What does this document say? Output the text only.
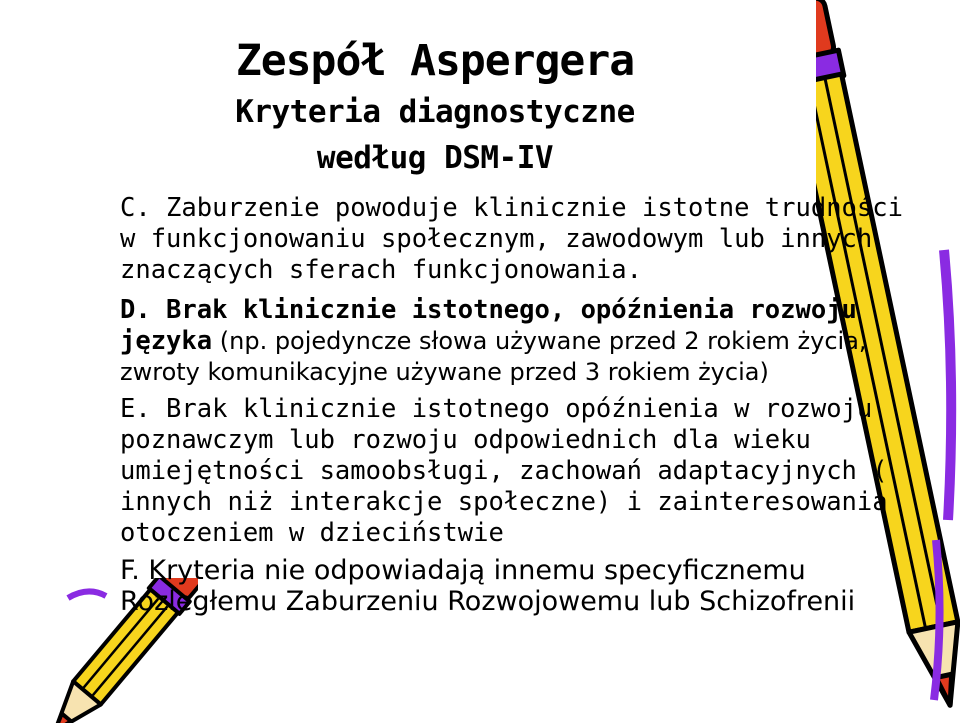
Zespół Aspergera
Kryteria diagnostyczne
według DSM-IV

C. Zaburzenie powoduje klinicznie istotne trudności w funkcjonowaniu społecznym, zawodowym lub innych znaczących sferach funkcjonowania.

D. Brak klinicznie istotnego, opóźnienia rozwoju języka (np. pojedyncze słowa używane przed 2 rokiem życia, zwroty komunikacyjne używane przed 3 rokiem życia)

E. Brak klinicznie istotnego opóźnienia w rozwoju poznawczym lub rozwoju odpowiednich dla wieku umiejętności samoobsługi, zachowań adaptacyjnych ( innych niż interakcje społeczne) i zainteresowania otoczeniem w dzieciństwie

F. Kryteria nie odpowiadają innemu specyficznemu Rozległemu Zaburzeniu Rozwojowemu lub Schizofrenii
